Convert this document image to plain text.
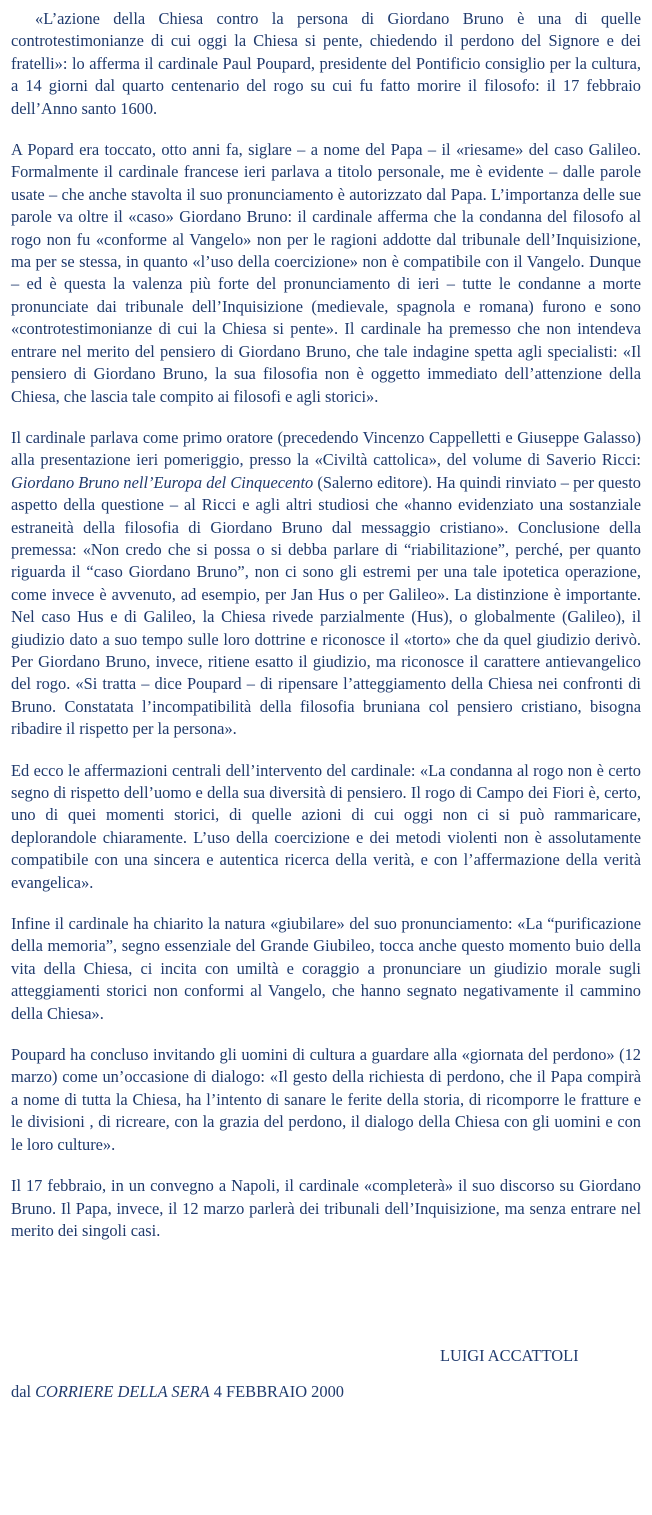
«L’azione della Chiesa contro la persona di Giordano Bruno è una di quelle controtestimonianze di cui oggi la Chiesa si pente, chiedendo il perdono del Signore e dei fratelli»: lo afferma il cardinale Paul Poupard, presidente del Pontificio consiglio per la cultura, a 14 giorni dal quarto centenario del rogo su cui fu fatto morire il filosofo: il 17 febbraio dell’Anno santo 1600.

A Popard era toccato, otto anni fa, siglare – a nome del Papa – il «riesame» del caso Galileo. Formalmente il cardinale francese ieri parlava a titolo personale, me è evidente – dalle parole usate – che anche stavolta il suo pronunciamento è autorizzato dal Papa. L’importanza delle sue parole va oltre il «caso» Giordano Bruno: il cardinale afferma che la condanna del filosofo al rogo non fu «conforme al Vangelo» non per le ragioni addotte dal tribunale dell’Inquisizione, ma per se stessa, in quanto «l’uso della coercizione» non è compatibile con il Vangelo. Dunque – ed è questa la valenza più forte del pronunciamento di ieri – tutte le condanne a morte pronunciate dai tribunale dell’Inquisizione (medievale, spagnola e romana) furono e sono «controtestimonianze di cui la Chiesa si pente». Il cardinale ha premesso che non intendeva entrare nel merito del pensiero di Giordano Bruno, che tale indagine spetta agli specialisti: «Il pensiero di Giordano Bruno, la sua filosofia non è oggetto immediato dell’attenzione della Chiesa, che lascia tale compito ai filosofi e agli storici».

Il cardinale parlava come primo oratore (precedendo Vincenzo Cappelletti e Giuseppe Galasso) alla presentazione ieri pomeriggio, presso la «Civiltà cattolica», del volume di Saverio Ricci: Giordano Bruno nell’Europa del Cinquecento (Salerno editore). Ha quindi rinviato – per questo aspetto della questione – al Ricci e agli altri studiosi che «hanno evidenziato una sostanziale estraneità della filosofia di Giordano Bruno dal messaggio cristiano». Conclusione della premessa: «Non credo che si possa o si debba parlare di “riabilitazione”, perché, per quanto riguarda il “caso Giordano Bruno”, non ci sono gli estremi per una tale ipotetica operazione, come invece è avvenuto, ad esempio, per Jan Hus o per Galileo». La distinzione è importante. Nel caso Hus e di Galileo, la Chiesa rivede parzialmente (Hus), o globalmente (Galileo), il giudizio dato a suo tempo sulle loro dottrine e riconosce il «torto» che da quel giudizio derivò. Per Giordano Bruno, invece, ritiene esatto il giudizio, ma riconosce il carattere antievangelico del rogo. «Si tratta – dice Poupard – di ripensare l’atteggiamento della Chiesa nei confronti di Bruno. Constatata l’incompatibilità della filosofia bruniana col pensiero cristiano, bisogna ribadire il rispetto per la persona».

Ed ecco le affermazioni centrali dell’intervento del cardinale: «La condanna al rogo non è certo segno di rispetto dell’uomo e della sua diversità di pensiero. Il rogo di Campo dei Fiori è, certo, uno di quei momenti storici, di quelle azioni di cui oggi non ci si può rammaricare, deplorandole chiaramente. L’uso della coercizione e dei metodi violenti non è assolutamente compatibile con una sincera e autentica ricerca della verità, e con l’affermazione della verità evangelica».

Infine il cardinale ha chiarito la natura «giubilare» del suo pronunciamento: «La “purificazione della memoria”, segno essenziale del Grande Giubileo, tocca anche questo momento buio della vita della Chiesa, ci incita con umiltà e coraggio a pronunciare un giudizio morale sugli atteggiamenti storici non conformi al Vangelo, che hanno segnato negativamente il cammino della Chiesa».

Poupard ha concluso invitando gli uomini di cultura a guardare alla «giornata del perdono» (12 marzo) come un’occasione di dialogo: «Il gesto della richiesta di perdono, che il Papa compirà a nome di tutta la Chiesa, ha l’intento di sanare le ferite della storia, di ricomporre le fratture e le divisioni , di ricreare, con la grazia del perdono, il dialogo della Chiesa con gli uomini e con le loro culture».

Il 17 febbraio, in un convegno a Napoli, il cardinale «completerà» il suo discorso su Giordano Bruno. Il Papa, invece, il 12 marzo parlerà dei tribunali dell’Inquisizione, ma senza entrare nel merito dei singoli casi.

LUIGI ACCATTOLI
dal CORRIERE DELLA SERA 4 FEBBRAIO 2000
